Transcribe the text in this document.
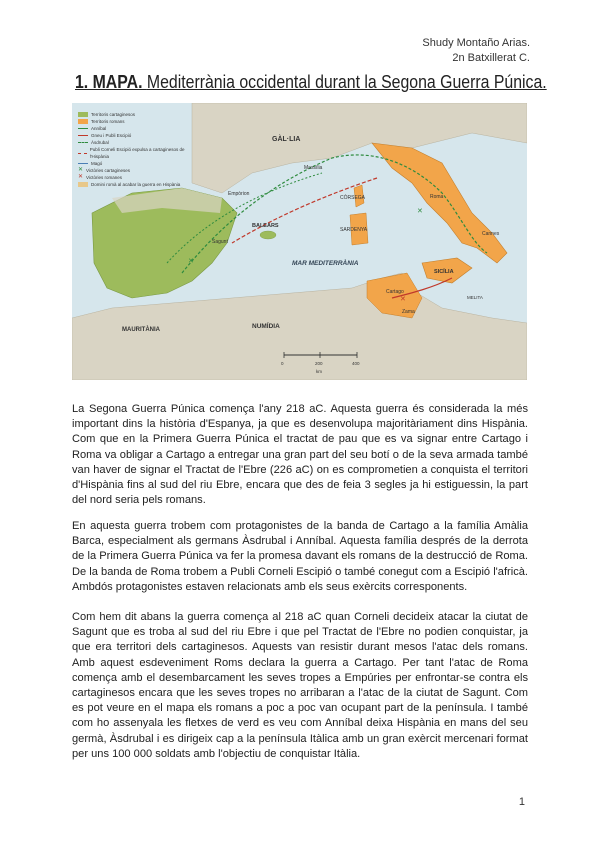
Shudy Montaño Arias.
2n Batxillerat C.
1. MAPA. Mediterrània occidental durant la Segona Guerra Púnica.
✕
✕
✕
GÀL·LIA
CÒRSEGA
SARDENYA
SICÍLIA
BALEARS
MAR MEDITERRÀNIA
NUMÍDIA
MAURITÀNIA
Roma
Cartago
Sagunt
Empòrion
Massília
Zama
Cannes
MELITA
0	200	400
km
Territoris cartaginesos
Territoris romans
Anníbal
Gneu i Publi Escipió
Àsdrubal
Publi Corneli Escipió expulsa a cartaginesos de l'Hispània
Magó
✕ Victòries cartagineses
✕ Victòries romanes
Domini romà al acabar la guerra en Hispània
La Segona Guerra Púnica comença l'any 218 aC. Aquesta guerra és considerada la més important dins la història d'Espanya, ja que es desenvolupa majoritàriament dins Hispània. Com que en la Primera Guerra Púnica el tractat de pau que es va signar entre Cartago i Roma va obligar a Cartago a entregar una gran part del seu botí o de la seva armada també van haver de signar el Tractat de l'Ebre (226 aC) on es comprometien a conquista el territori d'Hispània fins al sud del riu Ebre, encara que des de feia 3 segles ja hi estiguessin, la part del nord seria pels romans.
En aquesta guerra trobem com protagonistes de la banda de Cartago a la família Amàlia Barca, especialment als germans Àsdrubal i Anníbal. Aquesta família després de la derrota de la Primera Guerra Púnica va fer la promesa davant els romans de la destrucció de Roma. De la banda de Roma trobem a Publi Corneli Escipió o també conegut com a Escipió l'africà. Ambdós protagonistes estaven relacionats amb els seus exèrcits corresponents.
Com hem dit abans la guerra comença al 218 aC quan Corneli decideix atacar la ciutat de Sagunt que es troba al sud del riu Ebre i que pel Tractat de l'Ebre no podien conquistar, ja que era territori dels cartaginesos. Aquests van resistir durant mesos l'atac dels romans. Amb aquest esdeveniment Roms declara la guerra a Cartago. Per tant l'atac de Roma comença amb el desembarcament les seves tropes a Empúries per enfrontar-se contra els cartaginesos encara que les seves tropes no arribaran a l'atac de la ciutat de Sagunt. Com es pot veure en el mapa els romans a poc a poc van ocupant part de la península. I també com ho assenyala les fletxes de verd es veu com Anníbal deixa Hispània en mans del seu germà, Àsdrubal i es dirigeix cap a la península Itàlica amb un gran exèrcit mercenari format per uns 100 000 soldats amb l'objectiu de conquistar Itàlia.
1
